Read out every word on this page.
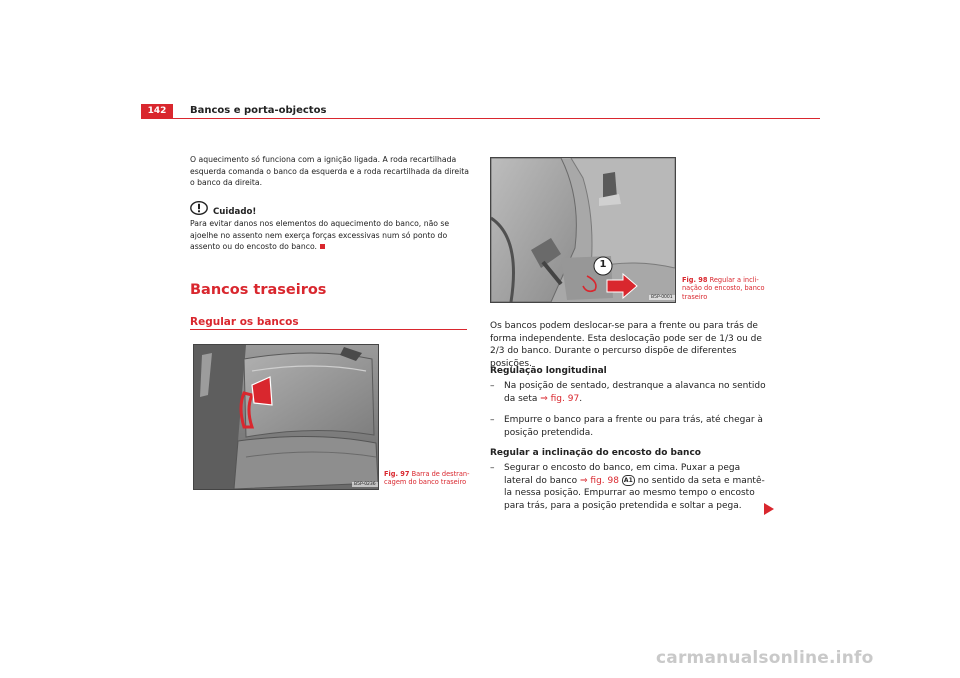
142	Bancos e porta-objectos
O aquecimento só funciona com a ignição ligada. A roda recartilhada esquerda comanda o banco da esquerda e a roda recartilhada da direita o banco da direita.
Cuidado!
Para evitar danos nos elementos do aquecimento do banco, não se ajoelhe no assento nem exerça forças excessivas num só ponto do assento ou do encosto do banco.
Bancos traseiros
Regular os bancos
B5P-0236
Fig. 97 Barra de destran-cagem do banco traseiro
1
B5P-0001
Fig. 98 Regular a incli-nação do encosto, banco traseiro
Os bancos podem deslocar-se para a frente ou para trás de forma independente. Esta deslocação pode ser de 1/3 ou de 2/3 do banco. Durante o percurso dispõe de diferentes posições.
Regulação longitudinal
– Na posição de sentado, destranque a alavanca no sentido da seta ⇒ fig. 97.
– Empurre o banco para a frente ou para trás, até chegar à posição pretendida.
Regular a inclinação do encosto do banco
– Segurar o encosto do banco, em cima. Puxar a pega lateral do banco ⇒ fig. 98 A1 no sentido da seta e mantê-la nessa posição. Empurrar ao mesmo tempo o encosto para trás, para a posição pretendida e soltar a pega.
carmanualsonline.info
